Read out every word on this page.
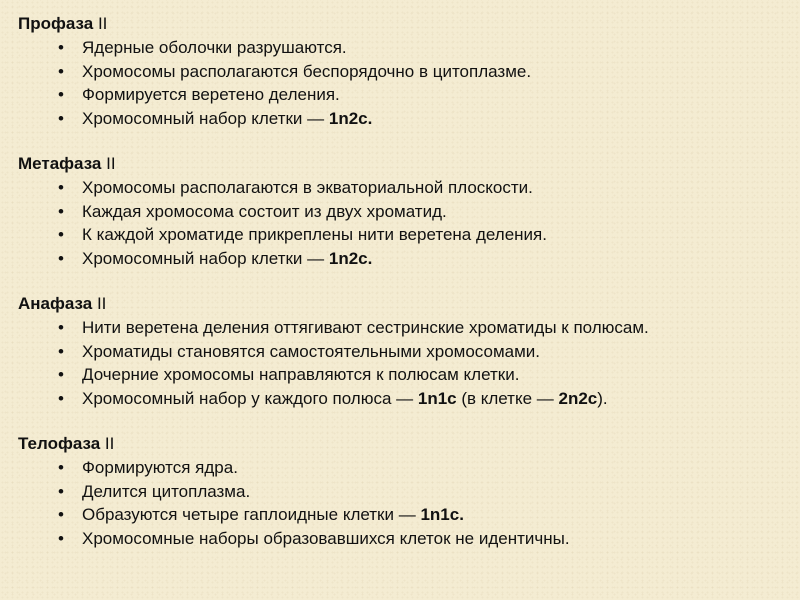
Профаза II
• Ядерные оболочки разрушаются.
• Хромосомы располагаются беспорядочно в цитоплазме.
• Формируется веретено деления.
• Хромосомный набор клетки — 1n2c.
Метафаза II
• Хромосомы располагаются в экваториальной плоскости.
• Каждая хромосома состоит из двух хроматид.
• К каждой хроматиде прикреплены нити веретена деления.
• Хромосомный набор клетки — 1n2c.
Анафаза II
• Нити веретена деления оттягивают сестринские хроматиды к полюсам.
• Хроматиды становятся самостоятельными хромосомами.
• Дочерние хромосомы направляются к полюсам клетки.
• Хромосомный набор у каждого полюса — 1n1c (в клетке — 2n2c).
Телофаза II
• Формируются ядра.
• Делится цитоплазма.
• Образуются четыре гаплоидные клетки — 1n1c.
• Хромосомные наборы образовавшихся клеток не идентичны.
